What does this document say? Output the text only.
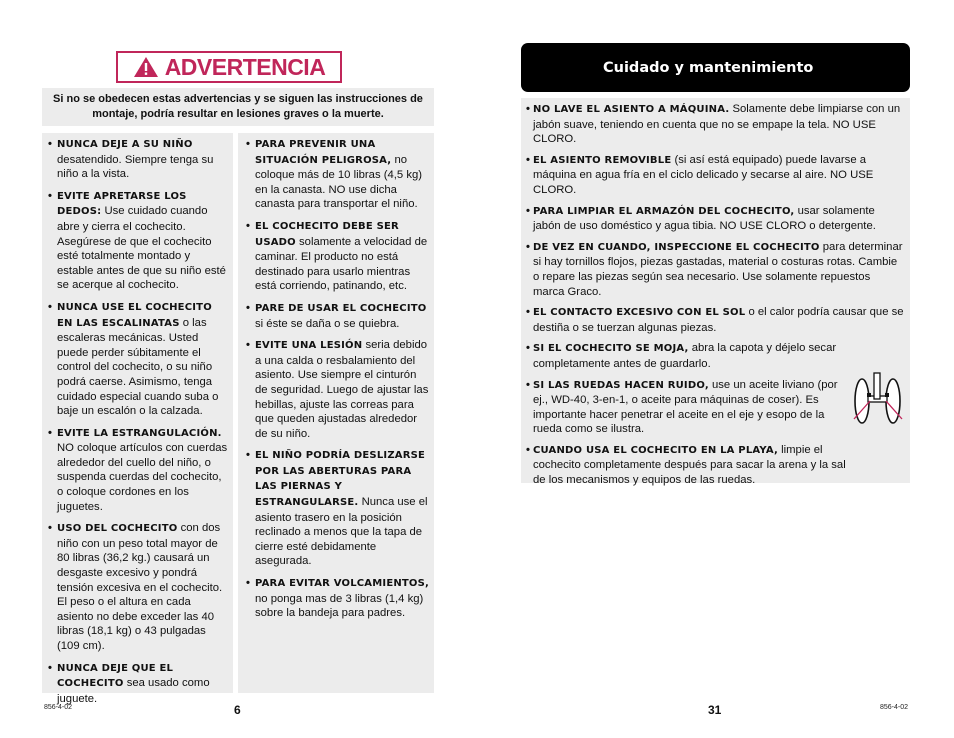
ADVERTENCIA
Si no se obedecen estas advertencias y se siguen las instrucciones de montaje, podría resultar en lesiones graves o la muerte.
• NUNCA DEJE A SU NIÑO desatendido. Siempre tenga su niño a la vista.
• EVITE APRETARSE LOS DEDOS: Use cuidado cuando abre y cierra el cochecito. Asegúrese de que el cochecito esté totalmente montado y estable antes de que su niño esté se acerque al cochecito.
• NUNCA USE EL COCHECITO EN LAS ESCALINATAS o las escaleras mecánicas. Usted puede perder súbitamente el control del cochecito, o su niño podrá caerse. Asimismo, tenga cuidado especial cuando suba o baje un escalón o la calzada.
• EVITE LA ESTRANGULACIÓN. NO coloque artículos con cuerdas alrededor del cuello del niño, o suspenda cuerdas del cochecito, o coloque cordones en los juguetes.
• USO DEL COCHECITO con dos niño con un peso total mayor de 80 libras (36,2 kg.) causará un desgaste excesivo y pondrá tensión excesiva en el cochecito. El peso o el altura en cada asiento no debe exceder las 40 libras (18,1 kg) o 43 pulgadas (109 cm).
• NUNCA DEJE QUE EL COCHECITO sea usado como juguete.
• PARA PREVENIR UNA SITUACIÓN PELIGROSA, no coloque más de 10 libras (4,5 kg) en la canasta. NO use dicha canasta para transportar el niño.
• EL COCHECITO DEBE SER USADO solamente a velocidad de caminar. El producto no está destinado para usarlo mientras está corriendo, patinando, etc.
• PARE DE USAR EL COCHECITO si éste se daña o se quiebra.
• EVITE UNA LESIÓN seria debido a una calda o resbalamiento del asiento. Use siempre el cinturón de seguridad. Luego de ajustar las hebillas, ajuste las correas para que queden ajustadas alrededor de su niño.
• EL NIÑO PODRÍA DESLIZARSE POR LAS ABERTURAS PARA LAS PIERNAS Y ESTRANGULARSE. Nunca use el asiento trasero en la posición reclinado a menos que la tapa de cierre esté debidamente asegurada.
• PARA EVITAR VOLCAMIENTOS, no ponga mas de 3 libras (1,4 kg) sobre la bandeja para padres.
6
856-4-02
Cuidado y mantenimiento
• NO LAVE EL ASIENTO A MÁQUINA. Solamente debe limpiarse con un jabón suave, teniendo en cuenta que no se empape la tela. NO USE CLORO.
• EL ASIENTO REMOVIBLE (si así está equipado) puede lavarse a máquina en agua fría en el ciclo delicado y secarse al aire. NO USE CLORO.
• PARA LIMPIAR EL ARMAZÓN DEL COCHECITO, usar solamente jabón de uso doméstico y agua tibia. NO USE CLORO o detergente.
• DE VEZ EN CUANDO, INSPECCIONE EL COCHECITO para determinar si hay tornillos flojos, piezas gastadas, material o costuras rotas. Cambie o repare las piezas según sea necesario. Use solamente repuestos marca Graco.
• EL CONTACTO EXCESIVO CON EL SOL o el calor podría causar que se destiña o se tuerzan algunas piezas.
• SI EL COCHECITO SE MOJA, abra la capota y déjelo secar completamente antes de guardarlo.
• SI LAS RUEDAS HACEN RUIDO, use un aceite liviano (por ej., WD-40, 3-en-1, o aceite para máquinas de coser). Es importante hacer penetrar el aceite en el eje y esopo de la rueda como se ilustra.
• CUANDO USA EL COCHECITO EN LA PLAYA, limpie el cochecito completamente después para sacar la arena y la sal de los mecanismos y equipos de las ruedas.
31	856-4-02
